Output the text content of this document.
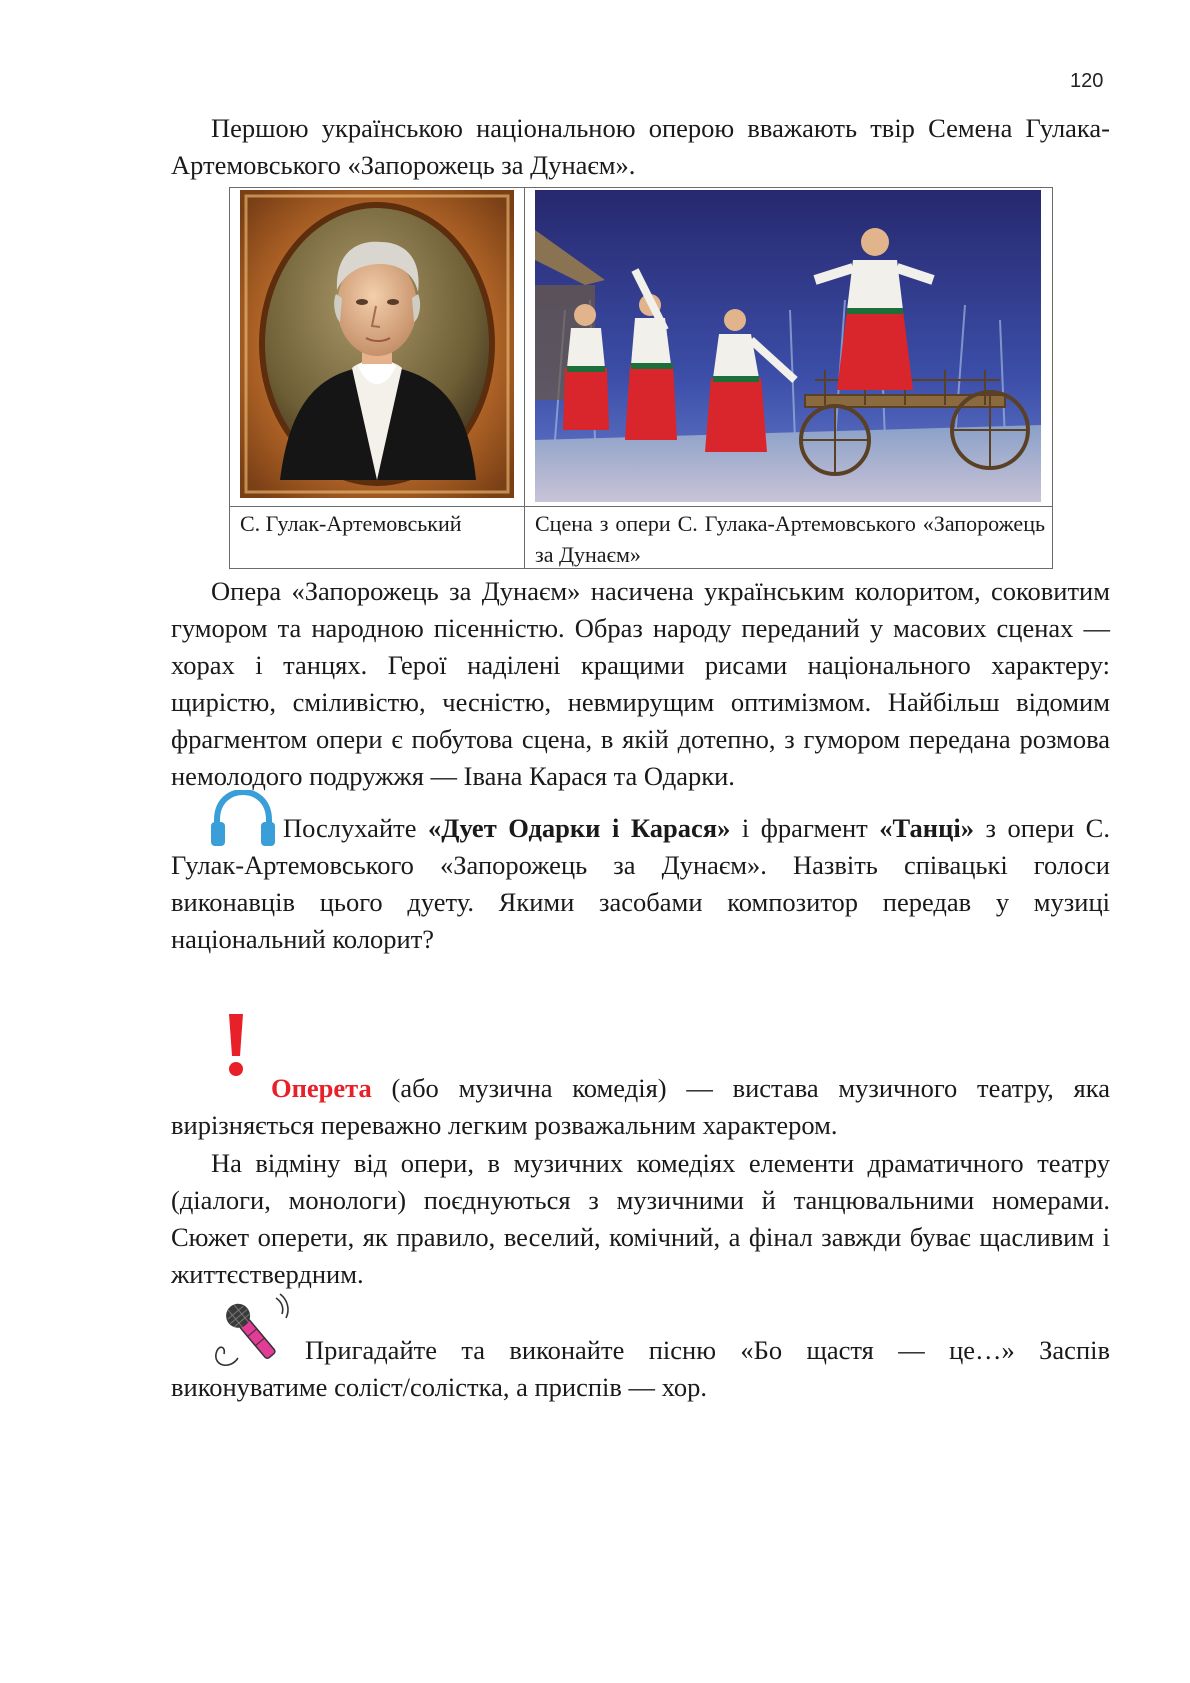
120

Першою українською національною оперою вважають твір Семена Гулака-Артемовського «Запорожець за Дунаєм».

С. Гулак-Артемовський	Сцена з опери С. Гулака-Артемовського «Запорожець за Дунаєм»

Опера «Запорожець за Дунаєм» насичена українським колоритом, соковитим гумором та народною пісенністю. Образ народу переданий у масових сценах — хорах і танцях. Герої наділені кращими рисами національного характеру: щирістю, сміливістю, чесністю, невмирущим оптимізмом. Найбільш відомим фрагментом опери є побутова сцена, в якій дотепно, з гумором передана розмова немолодого подружжя — Івана Карася та Одарки.

Послухайте «Дует Одарки і Карася» і фрагмент «Танці» з опери С. Гулак-Артемовського «Запорожець за Дунаєм». Назвіть співацькі голоси виконавців цього дуету. Якими засобами композитор передав у музиці національний колорит?

Оперета (або музична комедія) — вистава музичного театру, яка вирізняється переважно легким розважальним характером.

На відміну від опери, в музичних комедіях елементи драматичного театру (діалоги, монологи) поєднуються з музичними й танцювальними номерами. Сюжет оперети, як правило, веселий, комічний, а фінал завжди буває щасливим і життєствердним.

Пригадайте та виконайте пісню «Бо щастя — це…» Заспів виконуватиме соліст/солістка, а приспів — хор.
